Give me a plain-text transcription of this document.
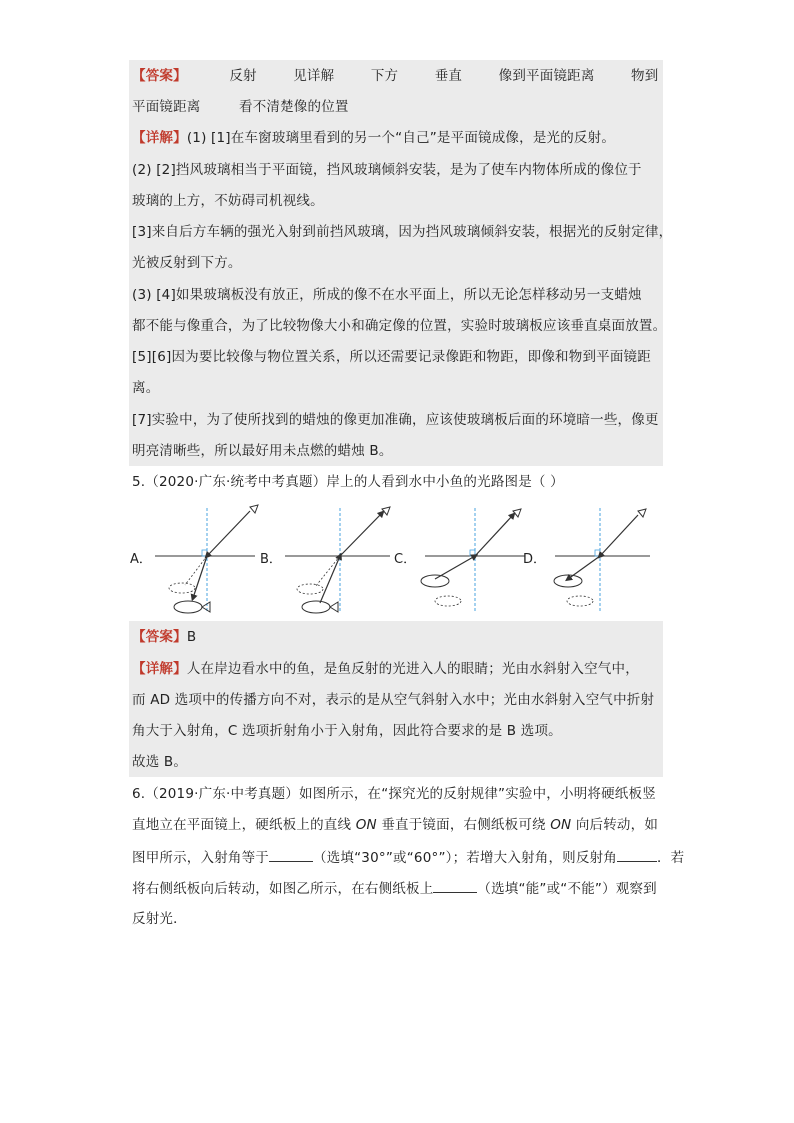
【答案】	反射	见详解	下方	垂直	像到平面镜距离	物到
平面镜距离	看不清楚像的位置
【详解】(1) [1]在车窗玻璃里看到的另一个“自己”是平面镜成像，是光的反射。
(2) [2]挡风玻璃相当于平面镜，挡风玻璃倾斜安装，是为了使车内物体所成的像位于
玻璃的上方，不妨碍司机视线。
[3]来自后方车辆的强光入射到前挡风玻璃，因为挡风玻璃倾斜安装，根据光的反射定律，
光被反射到下方。
(3) [4]如果玻璃板没有放正，所成的像不在水平面上，所以无论怎样移动另一支蜡烛
都不能与像重合，为了比较物像大小和确定像的位置，实验时玻璃板应该垂直桌面放置。
[5][6]因为要比较像与物位置关系，所以还需要记录像距和物距，即像和物到平面镜距
离。
[7]实验中，为了使所找到的蜡烛的像更加准确，应该使玻璃板后面的环境暗一些，像更
明亮清晰些，所以最好用未点燃的蜡烛 B。
5.（2020·广东·统考中考真题）岸上的人看到水中小鱼的光路图是（ ）
A．	B．	C．	D．
【答案】B
【详解】人在岸边看水中的鱼，是鱼反射的光进入人的眼睛；光由水斜射入空气中，
而 AD 选项中的传播方向不对，表示的是从空气斜射入水中；光由水斜射入空气中折射
角大于入射角，C 选项折射角小于入射角，因此符合要求的是 B 选项。
故选 B。
6.（2019·广东·中考真题）如图所示，在“探究光的反射规律”实验中，小明将硬纸板竖
直地立在平面镜上，硬纸板上的直线 ON 垂直于镜面，右侧纸板可绕 ON 向后转动，如
图甲所示，入射角等于	（选填“30°”或“60°”）；若增大入射角，则反射角	．若
将右侧纸板向后转动，如图乙所示，在右侧纸板上	（选填“能”或“不能”）观察到
反射光．
